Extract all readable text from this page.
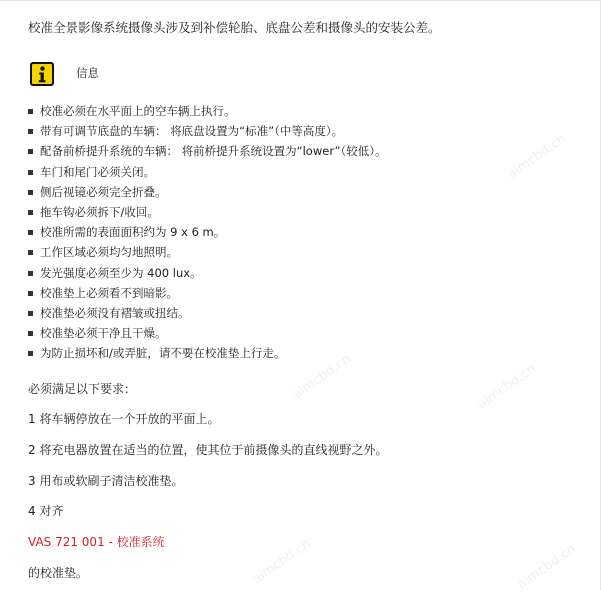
aimcbd.cn
aimcbd.cn
aimcbd.cn
aimcbd.cn	aimcbd.cn
校准全景影像系统摄像头涉及到补偿轮胎、底盘公差和摄像头的安装公差。
信息
校准必须在水平面上的空车辆上执行。
带有可调节底盘的车辆： 将底盘设置为“标准”（中等高度）。
配备前桥提升系统的车辆： 将前桥提升系统设置为“lower”（较低）。
车门和尾门必须关闭。
侧后视镜必须完全折叠。
拖车钩必须拆下/收回。
校准所需的表面面积约为 9 x 6 m。
工作区域必须均匀地照明。
发光强度必须至少为 400 lux。
校准垫上必须看不到暗影。
校准垫必须没有褶皱或扭结。
校准垫必须干净且干燥。
为防止损坏和/或弄脏，请不要在校准垫上行走。
必须满足以下要求：
1 将车辆停放在一个开放的平面上。
2 将充电器放置在适当的位置，使其位于前摄像头的直线视野之外。
3 用布或软刷子清洁校准垫。
4 对齐
VAS 721 001 - 校准系统
的校准垫。
